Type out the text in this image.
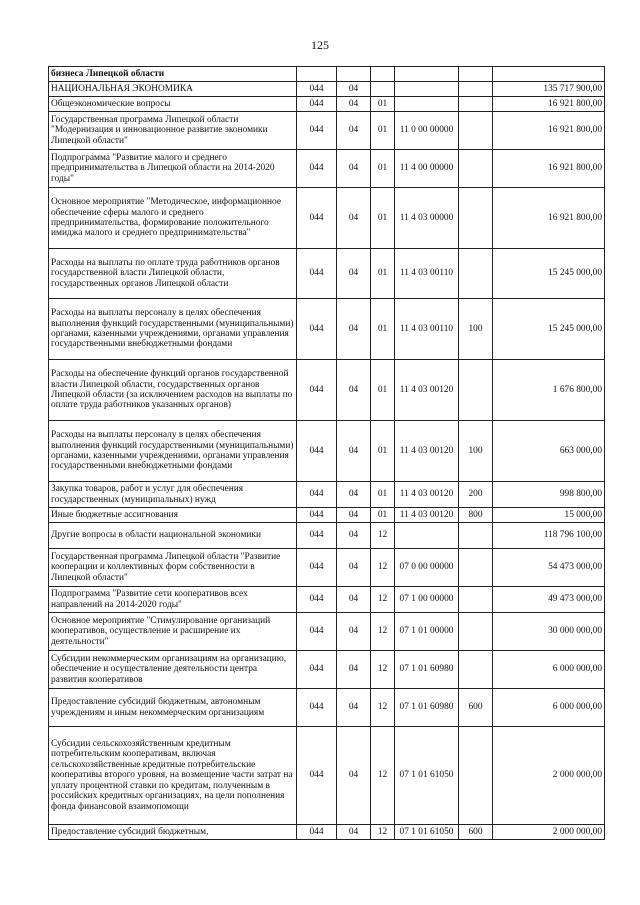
125
бизнеса Липецкой области						
НАЦИОНАЛЬНАЯ ЭКОНОМИКА	044	04				135 717 900,00
Общеэкономические вопросы	044	04	01			16 921 800,00
Государственная программа Липецкой области "Модернизация и инновационное развитие экономики Липецкой области"	044	04	01	11 0 00 00000		16 921 800,00
Подпрограмма "Развитие малого и среднего предпринимательства в Липецкой области на 2014-2020 годы"	044	04	01	11 4 00 00000		16 921 800,00
Основное мероприятие "Методическое, информационное обеспечение сферы малого и среднего предпринимательства, формирование положительного имиджа малого и среднего предпринимательства"	044	04	01	11 4 03 00000		16 921 800,00
Расходы на выплаты по оплате труда работников органов государственной власти Липецкой области, государственных органов Липецкой области	044	04	01	11 4 03 00110		15 245 000,00
Расходы на выплаты персоналу в целях обеспечения выполнения функций государственными (муниципальными) органами, казенными учреждениями, органами управления государственными внебюджетными фондами	044	04	01	11 4 03 00110	100	15 245 000,00
Расходы на обеспечение функций органов государственной власти Липецкой области, государственных органов Липецкой области (за исключением расходов на выплаты по оплате труда работников указанных органов)	044	04	01	11 4 03 00120		1 676 800,00
Расходы на выплаты персоналу в целях обеспечения выполнения функций государственными (муниципальными) органами, казенными учреждениями, органами управления государственными внебюджетными фондами	044	04	01	11 4 03 00120	100	663 000,00
Закупка товаров, работ и услуг для обеспечения государственных (муниципальных) нужд	044	04	01	11 4 03 00120	200	998 800,00
Иные бюджетные ассигнования	044	04	01	11 4 03 00120	800	15 000,00
Другие вопросы в области национальной экономики	044	04	12			118 796 100,00
Государственная программа Липецкой области "Развитие кооперации и коллективных форм собственности в Липецкой области"	044	04	12	07 0 00 00000		54 473 000,00
Подпрограмма "Развитие сети кооперативов всех направлений на 2014-2020 годы"	044	04	12	07 1 00 00000		49 473 000,00
Основное мероприятие "Стимулирование организаций кооперативов, осуществление и расширение их деятельности"	044	04	12	07 1 01 00000		30 000 000,00
Субсидии некоммерческим организациям на организацию, обеспечение и осуществление деятельности центра развития кооперативов	044	04	12	07 1 01 60980		6 000 000,00
Предоставление субсидий бюджетным, автономным учреждениям и иным некоммерческим организациям	044	04	12	07 1 01 60980	600	6 000 000,00
Субсидии сельскохозяйственным кредитным потребительским кооперативам, включая сельскохозяйственные кредитные потребительские кооперативы второго уровня, на возмещение части затрат на уплату процентной ставки по кредитам, полученным в российских кредитных организациях, на цели пополнения фонда финансовой взаимопомощи	044	04	12	07 1 01 61050		2 000 000,00
Предоставление субсидий бюджетным,	044	04	12	07 1 01 61050	600	2 000 000,00
